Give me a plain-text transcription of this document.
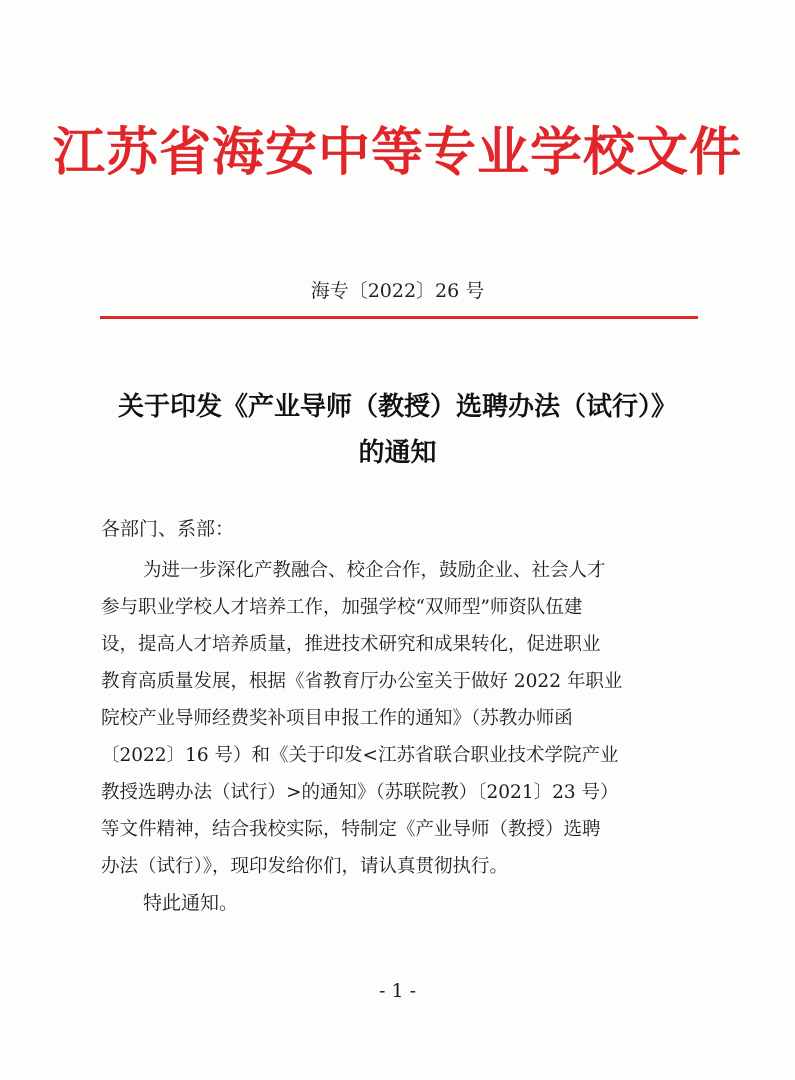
江苏省海安中等专业学校文件
海专〔2022〕26 号
关于印发《产业导师（教授）选聘办法（试行）》
的通知
各部门、系部：
为进一步深化产教融合、校企合作，鼓励企业、社会人才
参与职业学校人才培养工作，加强学校“双师型”师资队伍建
设，提高人才培养质量，推进技术研究和成果转化，促进职业
教育高质量发展，根据《省教育厅办公室关于做好 2022 年职业
院校产业导师经费奖补项目申报工作的通知》（苏教办师函
〔2022〕16 号）和《关于印发<江苏省联合职业技术学院产业
教授选聘办法（试行）>的通知》（苏联院教）〔2021〕23 号）
等文件精神，结合我校实际，特制定《产业导师（教授）选聘
办法（试行）》，现印发给你们，请认真贯彻执行。
特此通知。
- 1 -
